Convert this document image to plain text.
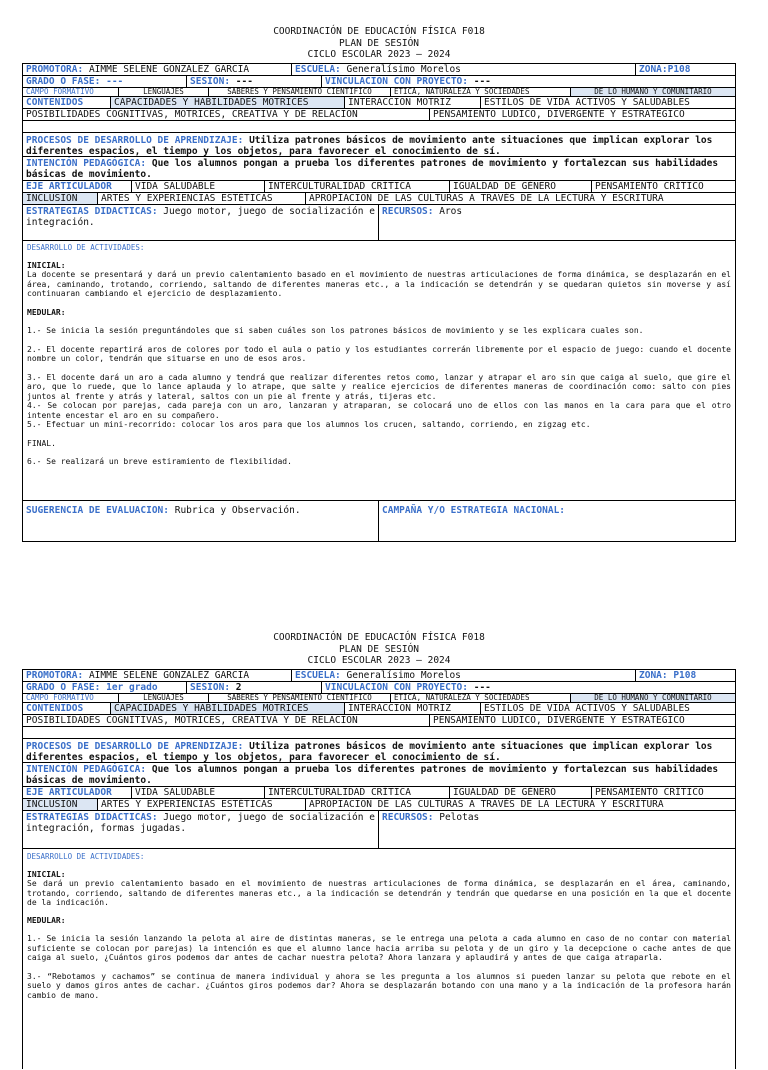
COORDINACIÓN DE EDUCACIÓN FÍSICA F018
PLAN DE SESIÓN
CICLO ESCOLAR 2023 – 2024
PROMOTORA: AIMME SELENE GONZALEZ GARCIA	ESCUELA: Generalísimo Morelos	ZONA:P108
GRADO O FASE: ---	SESION: ---	VINCULACION CON PROYECTO: ---
CAMPO FORMATIVO	LENGUAJES	SABERES Y PENSAMIENTO CIENTIFICO	ETICA, NATURALEZA Y SOCIEDADES	DE LO HUMANO Y COMUNITARIO
CONTENIDOS	CAPACIDADES Y HABILIDADES MOTRICES	INTERACCION MOTRIZ	ESTILOS DE VIDA ACTIVOS Y SALUDABLES
POSIBILIDADES COGNITIVAS, MOTRICES, CREATIVA Y DE RELACIÓN	PENSAMIENTO LUDICO, DIVERGENTE Y ESTRATEGICO
PROCESOS DE DESARROLLO DE APRENDIZAJE: Utiliza patrones básicos de movimiento ante situaciones que implican explorar los diferentes espacios, el tiempo y los objetos, para favorecer el conocimiento de sí.
INTENCIÓN PEDAGÓGICA: Que los alumnos pongan a prueba los diferentes patrones de movimiento y fortalezcan sus habilidades básicas de movimiento.
EJE ARTICULADOR	VIDA SALUDABLE	INTERCULTURALIDAD CRÍTICA	IGUALDAD DE GÉNERO	PENSAMIENTO CRÍTICO
INCLUSIÓN	ARTES Y EXPERIENCIAS ESTÉTICAS	APROPIACIÓN DE LAS CULTURAS A TRAVÉS DE LA LECTURA Y ESCRITURA
ESTRATEGIAS DIDACTICAS: Juego motor, juego de socialización e integración.
RECURSOS: Aros

DESARROLLO DE ACTIVIDADES:

INICIAL:

La docente se presentará y dará un previo calentamiento basado en el movimiento de nuestras articulaciones de forma dinámica, se desplazarán en el área, caminando, trotando, corriendo, saltando de diferentes maneras etc., a la indicación se detendrán y se quedaran quietos sin moverse y así continuaran cambiando el ejercicio de desplazamiento.

MEDULAR:

1.- Se inicia la sesión preguntándoles que si saben cuáles son los patrones básicos de movimiento y se les explicara cuales son.

2.- El docente repartirá aros de colores por todo el aula o patio y los estudiantes correrán libremente por el espacio de juego: cuando el docente nombre un color, tendrán que situarse en uno de esos aros.

3.- El docente dará un aro a cada alumno y tendrá que realizar diferentes retos como, lanzar y atrapar el aro sin que caiga al suelo, que gire el aro, que lo ruede, que lo lance aplauda y lo atrape, que salte y realice ejercicios de diferentes maneras de coordinación como: salto con pies juntos al frente y atrás y lateral, saltos con un pie al frente y atrás, tijeras etc.

4.- Se colocan por parejas, cada pareja con un aro, lanzaran y atraparan, se colocará uno de ellos con las manos en la cara para que el otro intente encestar el aro en su compañero.

5.- Efectuar un mini-recorrido: colocar los aros para que los alumnos los crucen, saltando, corriendo, en zigzag etc.

FINAL.

6.- Se realizará un breve estiramiento de flexibilidad.

SUGERENCIA DE EVALUACION: Rubrica y Observación.	CAMPAÑA Y/O ESTRATEGIA NACIONAL:
COORDINACIÓN DE EDUCACIÓN FÍSICA F018
PLAN DE SESIÓN
CICLO ESCOLAR 2023 – 2024
PROMOTORA: AIMME SELENE GONZALEZ GARCIA	ESCUELA: Generalísimo Morelos	ZONA: P108
GRADO O FASE: 1er grado	SESION: 2	VINCULACION CON PROYECTO: ---
CAMPO FORMATIVO	LENGUAJES	SABERES Y PENSAMIENTO CIENTIFICO	ETICA, NATURALEZA Y SOCIEDADES	DE LO HUMANO Y COMUNITARIO
CONTENIDOS	CAPACIDADES Y HABILIDADES MOTRICES	INTERACCION MOTRIZ	ESTILOS DE VIDA ACTIVOS Y SALUDABLES
POSIBILIDADES COGNITIVAS, MOTRICES, CREATIVA Y DE RELACIÓN	PENSAMIENTO LUDICO, DIVERGENTE Y ESTRATEGICO
PROCESOS DE DESARROLLO DE APRENDIZAJE: Utiliza patrones básicos de movimiento ante situaciones que implican explorar los diferentes espacios, el tiempo y los objetos, para favorecer el conocimiento de sí.
INTENCIÓN PEDAGÓGICA: Que los alumnos pongan a prueba los diferentes patrones de movimiento y fortalezcan sus habilidades básicas de movimiento.
EJE ARTICULADOR	VIDA SALUDABLE	INTERCULTURALIDAD CRÍTICA	IGUALDAD DE GÉNERO	PENSAMIENTO CRÍTICO
INCLUSIÓN	ARTES Y EXPERIENCIAS ESTÉTICAS	APROPIACIÓN DE LAS CULTURAS A TRAVÉS DE LA LECTURA Y ESCRITURA
ESTRATEGIAS DIDACTICAS: Juego motor, juego de socialización e integración, formas jugadas.
RECURSOS: Pelotas

DESARROLLO DE ACTIVIDADES:

INICIAL:

Se dará un previo calentamiento basado en el movimiento de nuestras articulaciones de forma dinámica, se desplazarán en el área, caminando, trotando, corriendo, saltando de diferentes maneras etc., a la indicación se detendrán y tendrán que quedarse en una posición en la que el docente de la indicación.

MEDULAR:

1.- Se inicia la sesión lanzando la pelota al aire de distintas maneras, se le entrega una pelota a cada alumno en caso de no contar con material suficiente se colocan por parejas) la intención es que el alumno lance hacia arriba su pelota y de un giro y la decepcione o cache antes de que caiga al suelo, ¿Cuántos giros podemos dar antes de cachar nuestra pelota? Ahora lanzara y aplaudirá y antes de que caiga atraparla.

3.- “Rebotamos y cachamos” se continua de manera individual y ahora se les pregunta a los alumnos si pueden lanzar su pelota que rebote en el suelo y damos giros antes de cachar. ¿Cuántos giros podemos dar? Ahora se desplazarán botando con una mano y a la indicación de la profesora harán cambio de mano.
